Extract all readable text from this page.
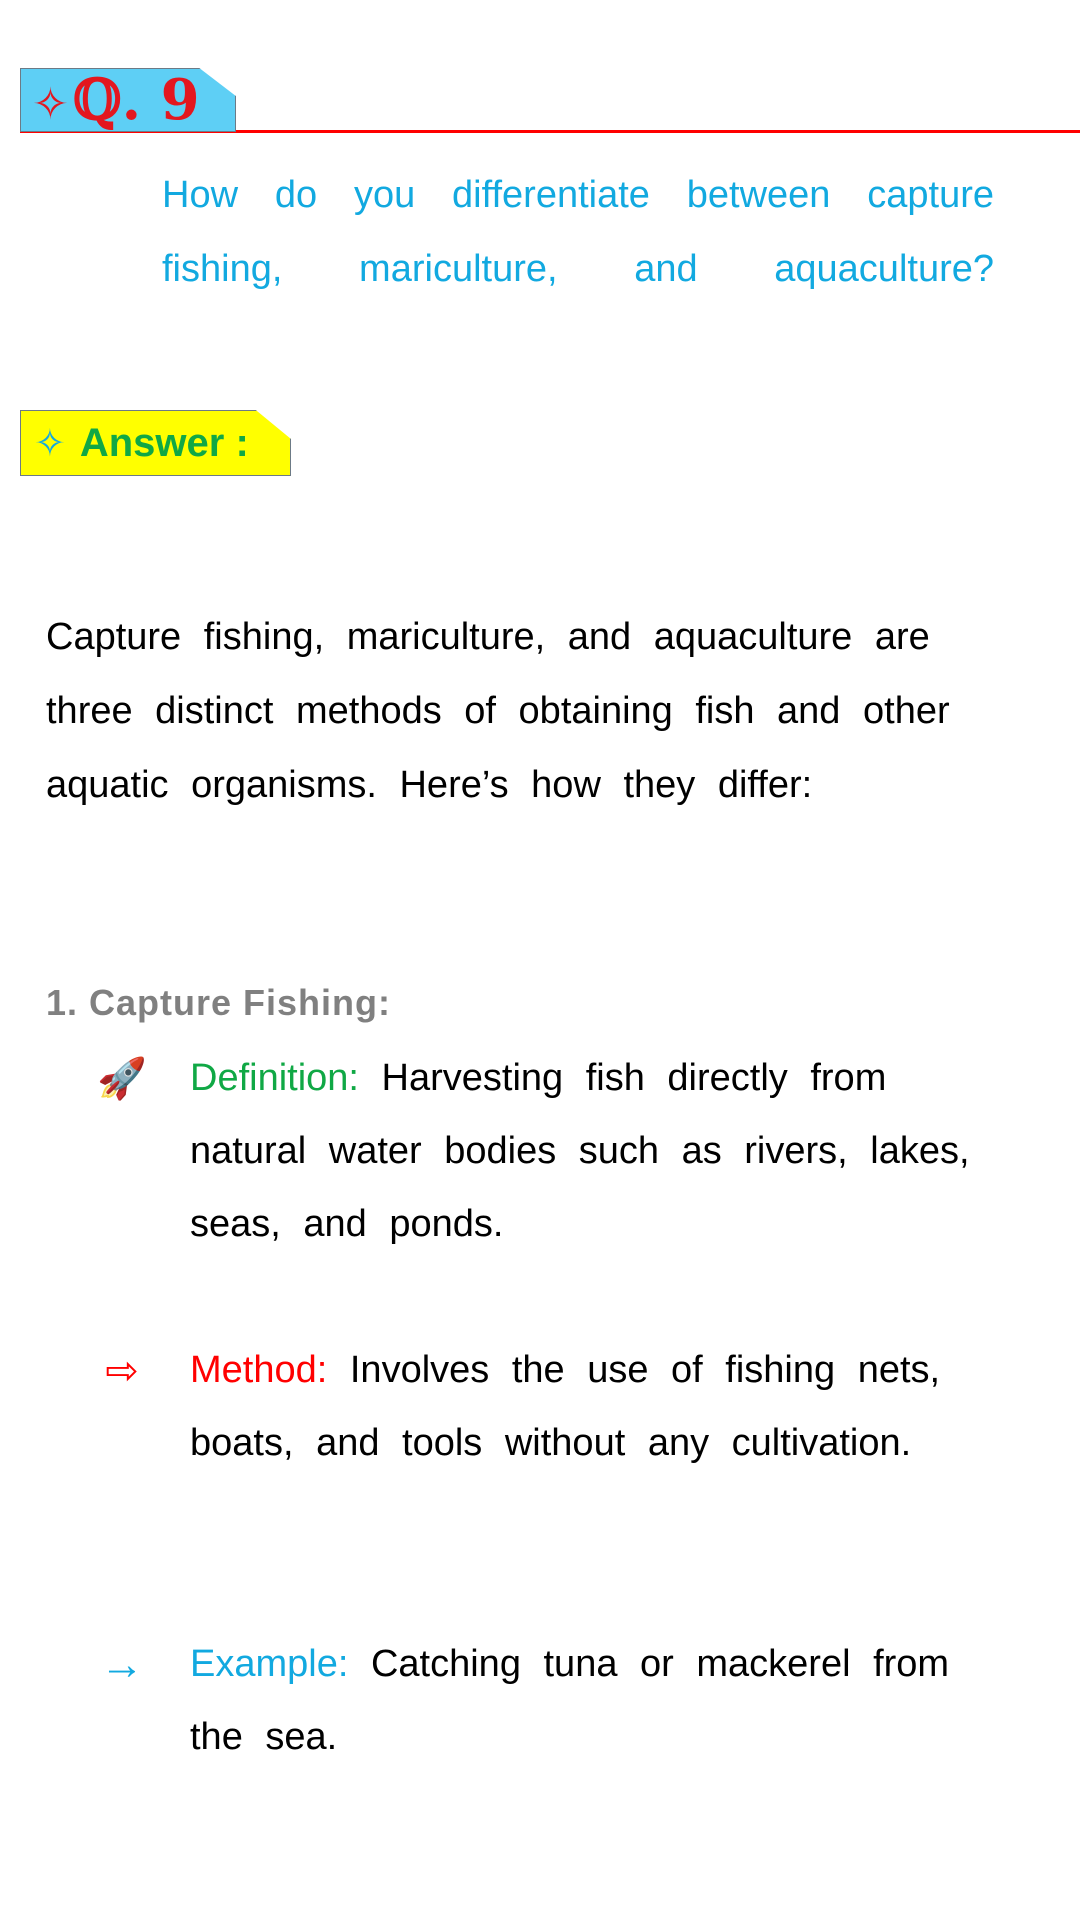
✧ℚ. 9
How do you differentiate between capture fishing, mariculture, and aquaculture?
✧ Answer :
Capture fishing, mariculture, and aquaculture are three distinct methods of obtaining fish and other aquatic organisms. Here’s how they differ:
1. Capture Fishing:
🚀 Definition: Harvesting fish directly from natural water bodies such as rivers, lakes, seas, and ponds.
⇨ Method: Involves the use of fishing nets, boats, and tools without any cultivation.
→ Example: Catching tuna or mackerel from the sea.
